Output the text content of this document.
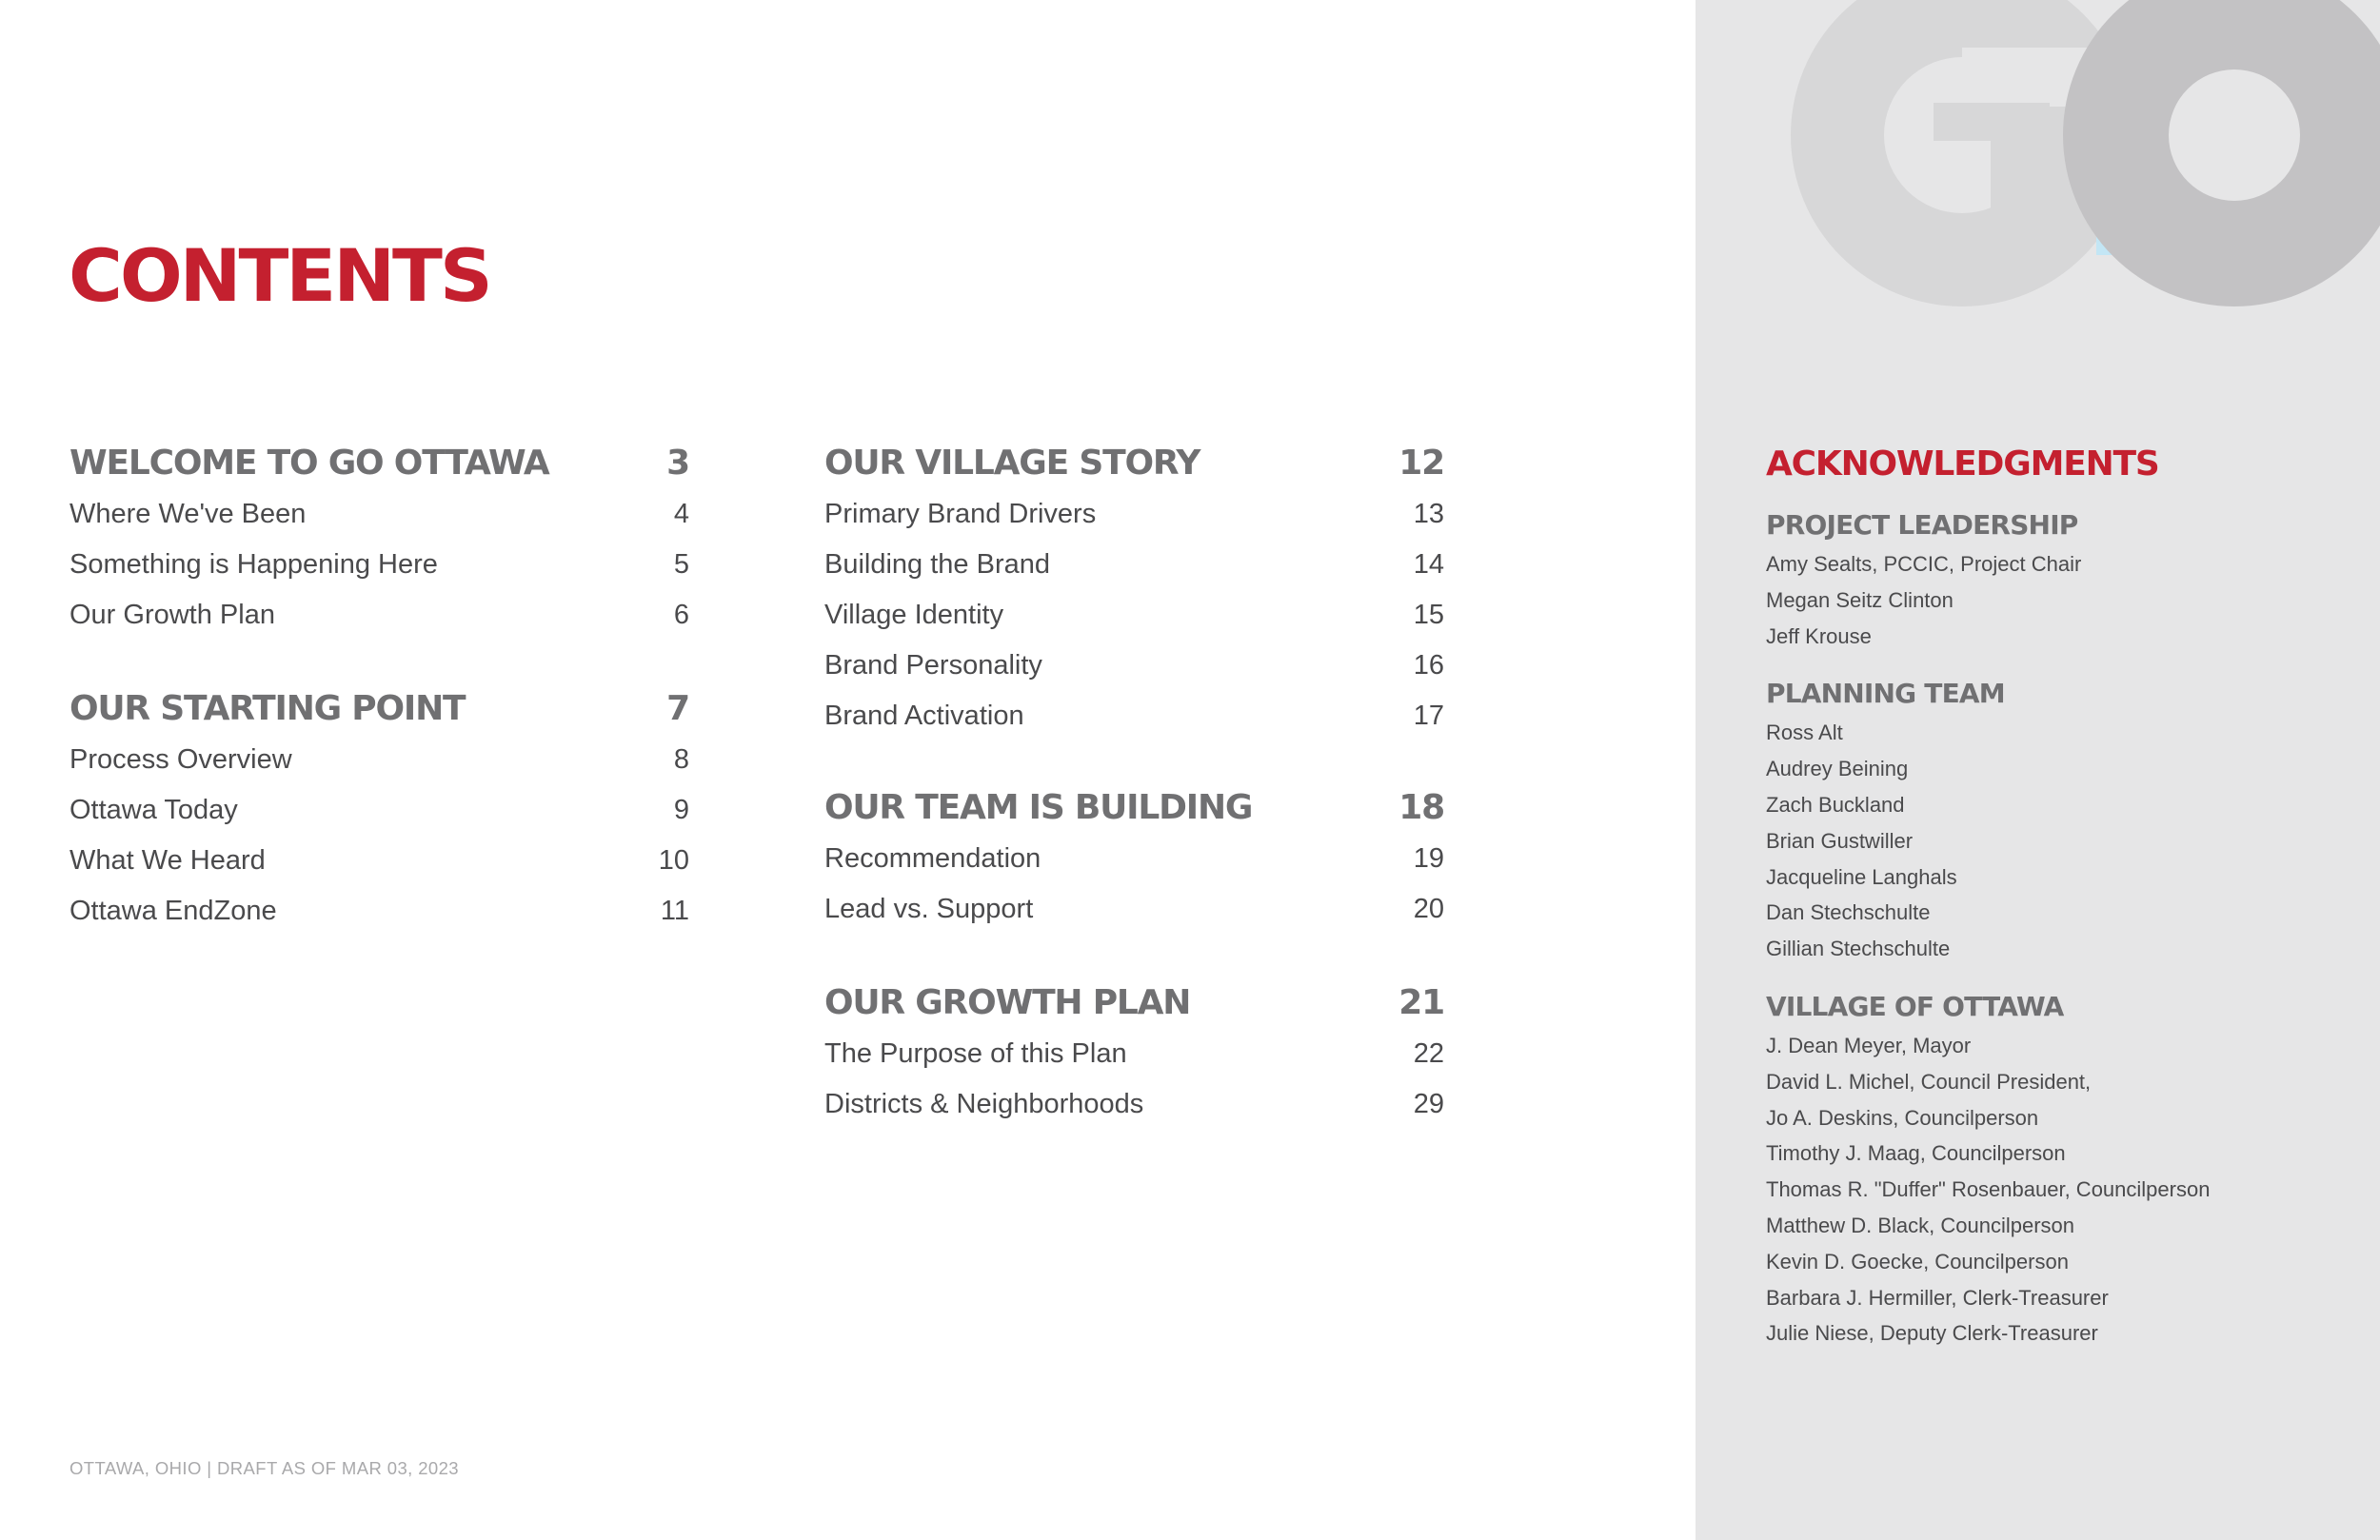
CONTENTS
WELCOME TO GO OTTAWA	3
Where We've Been	4
Something is Happening Here	5
Our Growth Plan	6
OUR STARTING POINT	7
Process Overview	8
Ottawa Today	9
What We Heard	10
Ottawa EndZone	11
OUR VILLAGE STORY	12
Primary Brand Drivers	13
Building the Brand	14
Village Identity	15
Brand Personality	16
Brand Activation	17
OUR TEAM IS BUILDING	18
Recommendation	19
Lead vs. Support	20
OUR GROWTH PLAN	21
The Purpose of this Plan	22
Districts & Neighborhoods	29
OTTAWA, OHIO | DRAFT AS OF MAR 03, 2023
ACKNOWLEDGMENTS
PROJECT LEADERSHIP
Amy Sealts, PCCIC, Project Chair
Megan Seitz Clinton
Jeff Krouse
PLANNING TEAM
Ross Alt
Audrey Beining
Zach Buckland
Brian Gustwiller
Jacqueline Langhals
Dan Stechschulte
Gillian Stechschulte
VILLAGE OF OTTAWA
J. Dean Meyer, Mayor
David L. Michel, Council President,
Jo A. Deskins, Councilperson
Timothy J. Maag, Councilperson
Thomas R. "Duffer" Rosenbauer, Councilperson
Matthew D. Black, Councilperson
Kevin D. Goecke, Councilperson
Barbara J. Hermiller, Clerk-Treasurer
Julie Niese, Deputy Clerk-Treasurer
